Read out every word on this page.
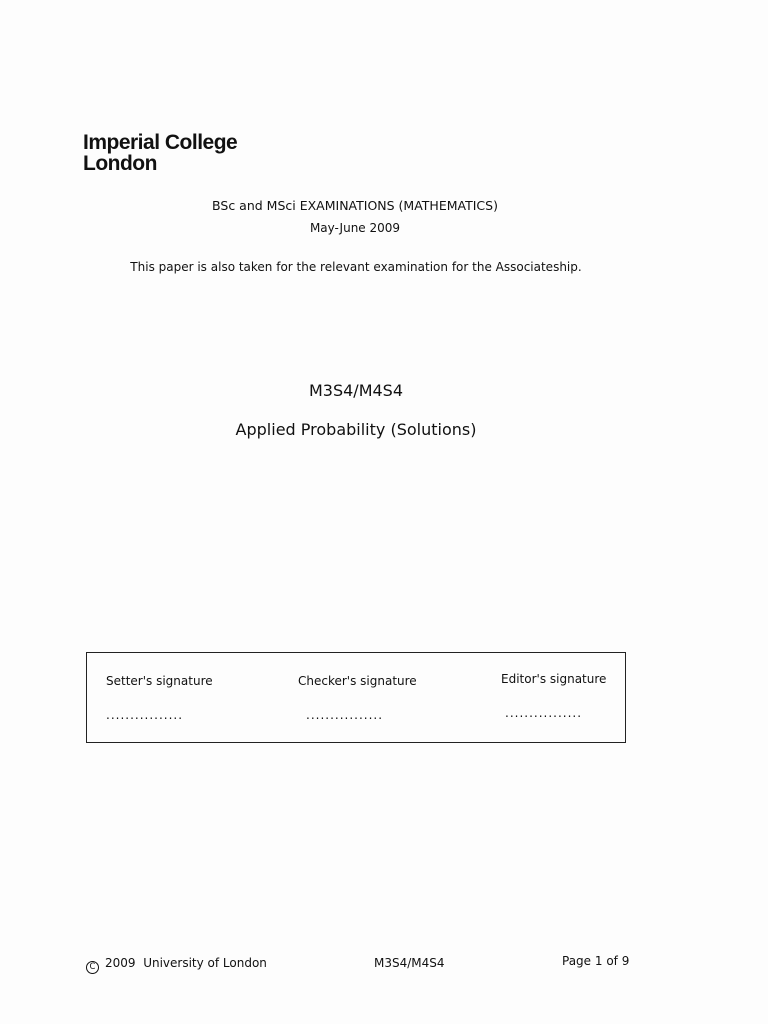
Imperial College
London
BSc and MSci EXAMINATIONS (MATHEMATICS)
May-June 2009
This paper is also taken for the relevant examination for the Associateship.
M3S4/M4S4
Applied Probability (Solutions)
Setter's signature	Checker's signature	Editor's signature
................	................	................
C 2009 University of London	M3S4/M4S4	Page 1 of 9
